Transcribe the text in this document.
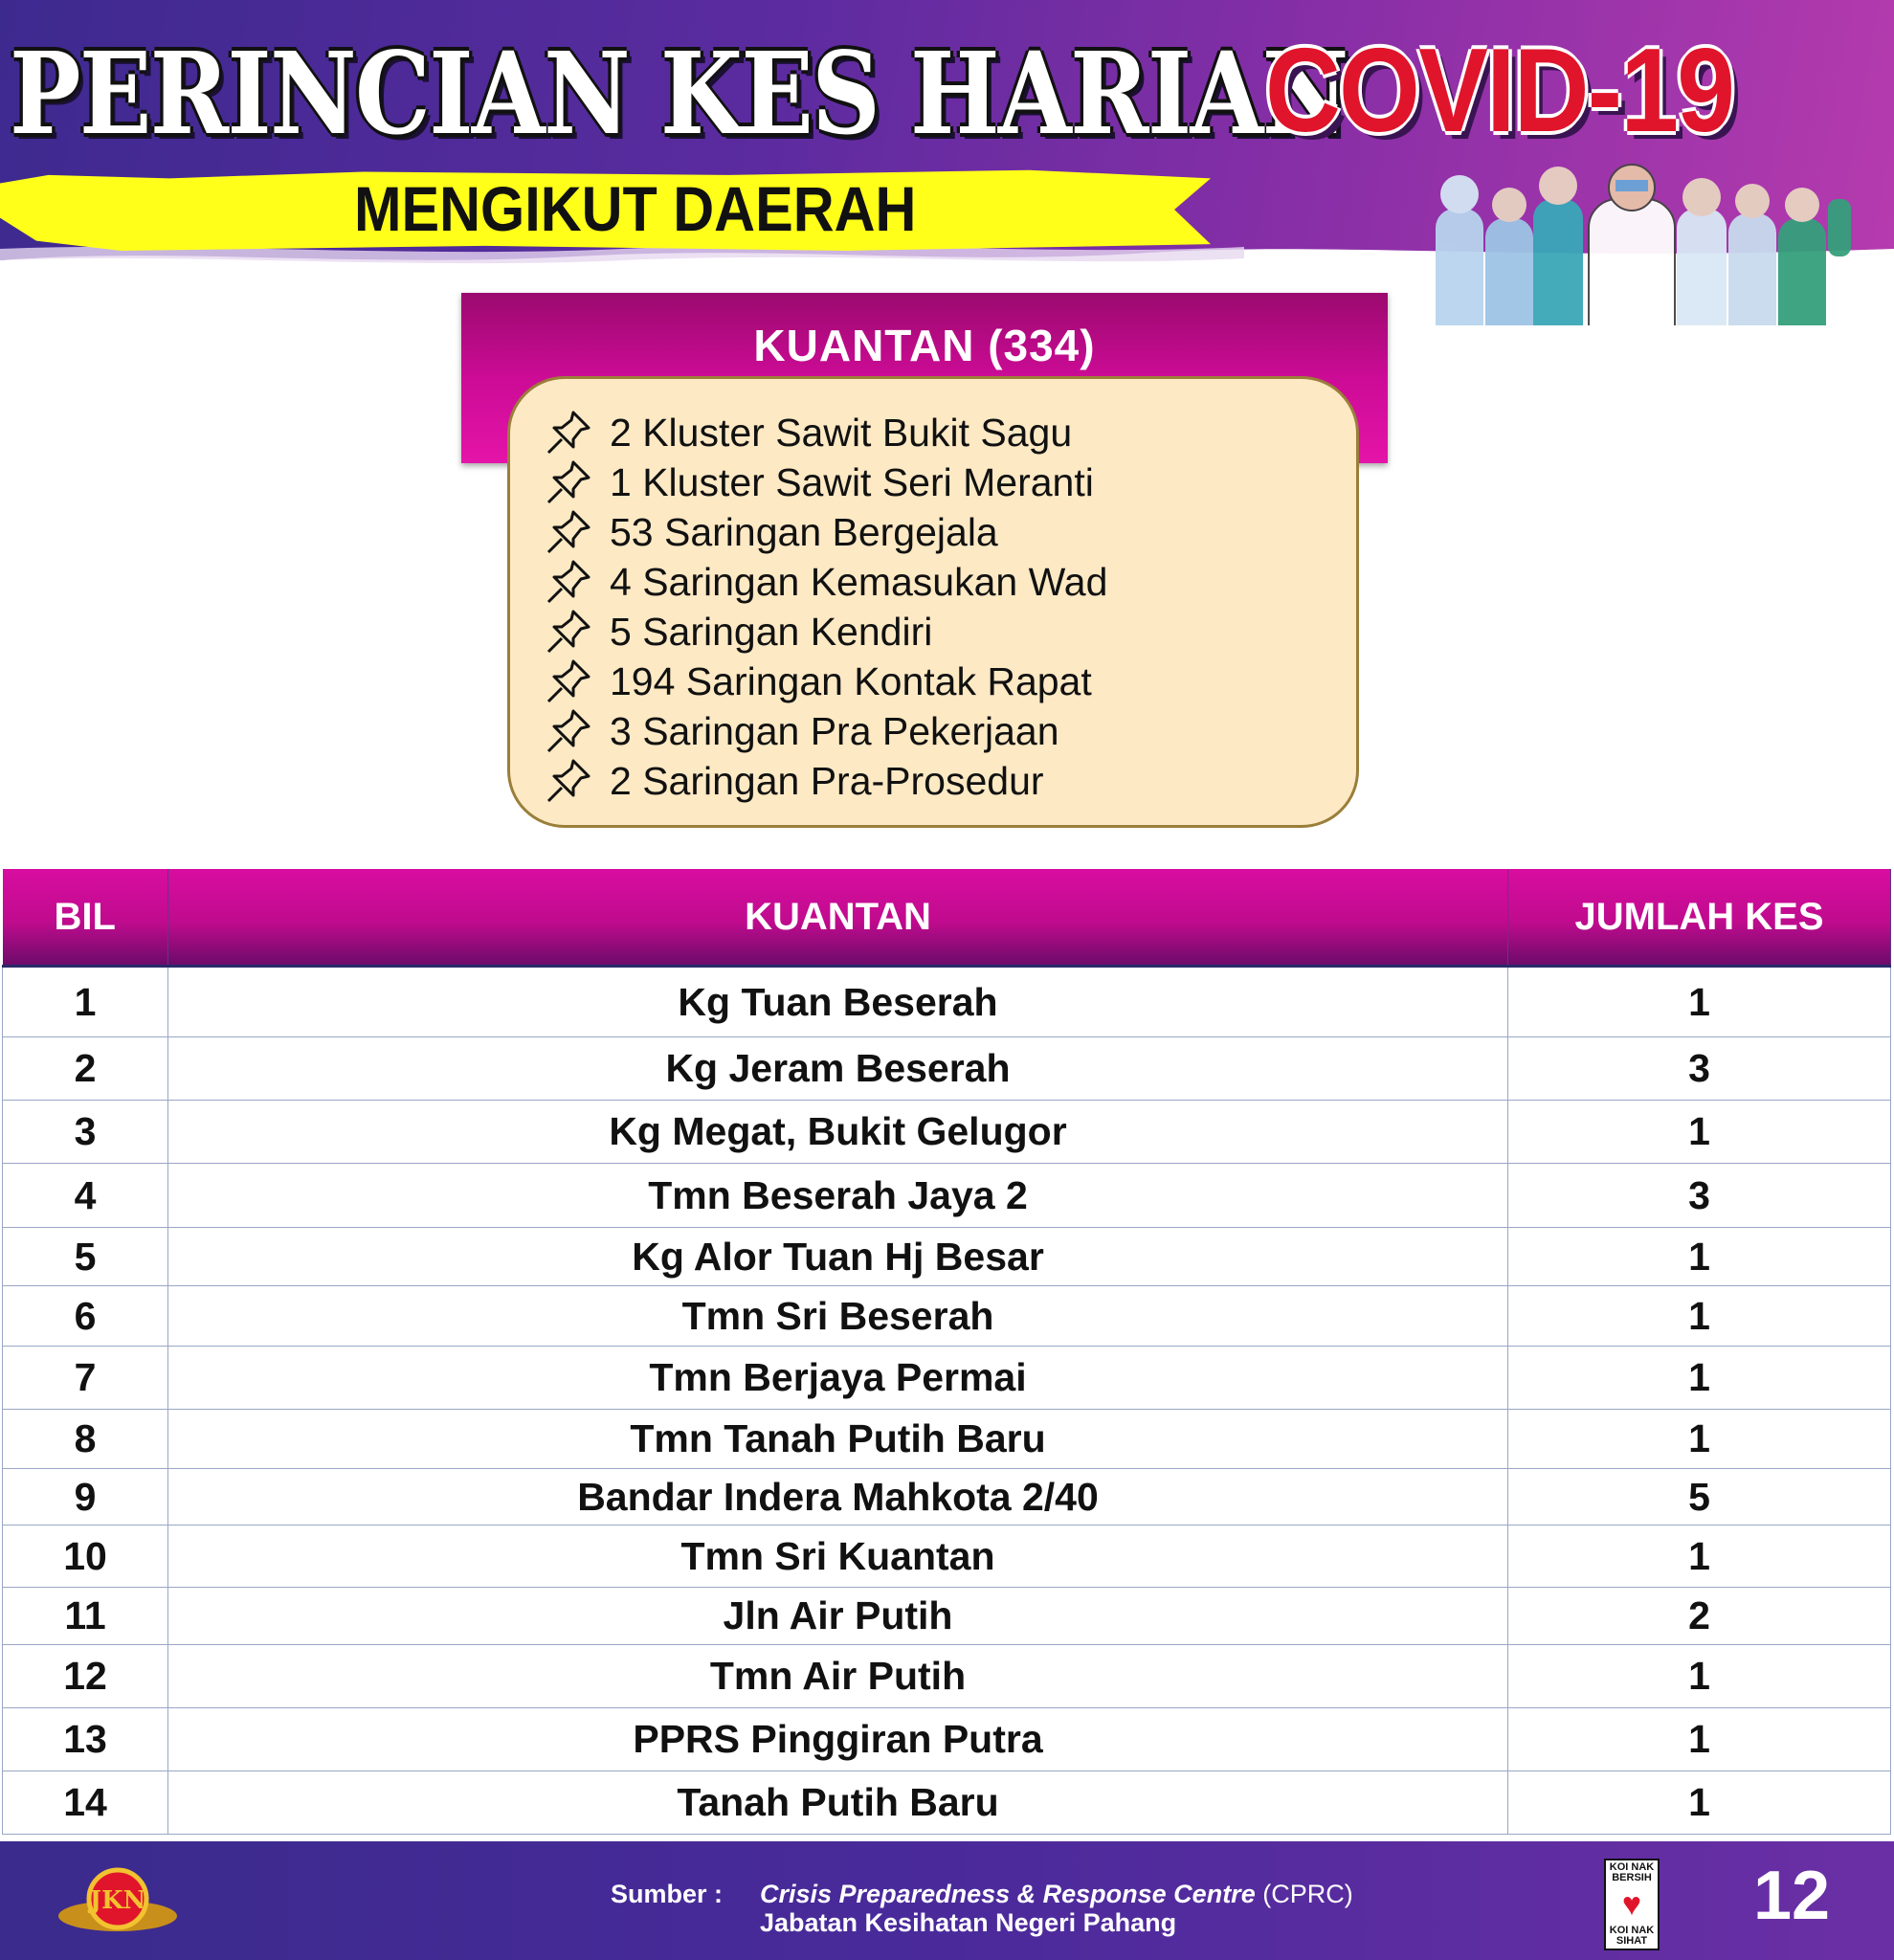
PERINCIAN KES HARIAN
COVID-19
MENGIKUT DAERAH
KUANTAN (334)
2 Kluster Sawit Bukit Sagu
1 Kluster Sawit Seri Meranti
53 Saringan Bergejala
4 Saringan Kemasukan Wad
5 Saringan Kendiri
194 Saringan Kontak Rapat
3 Saringan Pra Pekerjaan
2 Saringan Pra-Prosedur
BIL	KUANTAN	JUMLAH KES
1	Kg Tuan Beserah	1
2	Kg Jeram Beserah	3
3	Kg Megat, Bukit Gelugor	1
4	Tmn Beserah Jaya 2	3
5	Kg Alor Tuan Hj Besar	1
6	Tmn Sri Beserah	1
7	Tmn Berjaya Permai	1
8	Tmn Tanah Putih Baru	1
9	Bandar Indera Mahkota 2/40	5
10	Tmn Sri Kuantan	1
11	Jln Air Putih	2
12	Tmn Air Putih	1
13	PPRS Pinggiran Putra	1
14	Tanah Putih Baru	1
JKN	Sumber : Crisis Preparedness & Response Centre (CPRC)
Jabatan Kesihatan Negeri Pahang
KOI NAK BERSIH
♥
KOI NAK SIHAT
12
